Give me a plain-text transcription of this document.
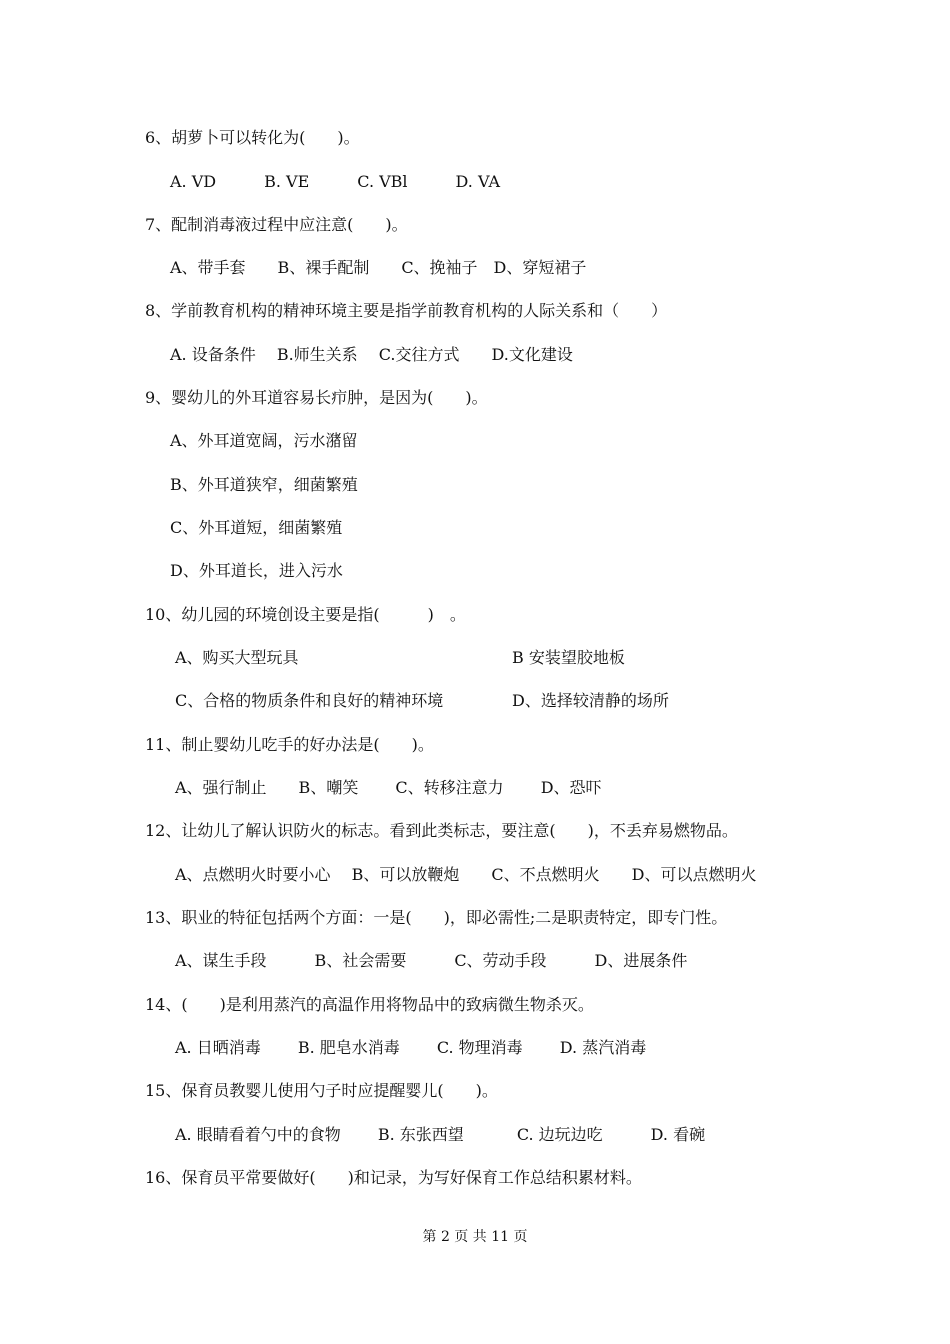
6、胡萝卜可以转化为(　　)。

A. VD　　　B. VE　　　C. VBl　　　D. VA

7、配制消毒液过程中应注意(　　)。

A、带手套　　B、裸手配制　　C、挽袖子　D、穿短裙子

8、学前教育机构的精神环境主要是指学前教育机构的人际关系和（　　）

A. 设备条件　 B.师生关系　 C.交往方式　　D.文化建设

9、婴幼儿的外耳道容易长疖肿，是因为(　　)。

A、外耳道宽阔，污水潴留

B、外耳道狭窄，细菌繁殖

C、外耳道短，细菌繁殖

D、外耳道长，进入污水

10、幼儿园的环境创设主要是指(　　　)　。

A、购买大型玩具	B 安装望胶地板

C、合格的物质条件和良好的精神环境	D、选择较清静的场所

11、制止婴幼儿吃手的好办法是(　　)。

A、强行制止　　B、嘲笑　　 C、转移注意力　　 D、恐吓

12、让幼儿了解认识防火的标志。看到此类标志，要注意(　　)，不丢弃易燃物品。

A、点燃明火时要小心　 B、可以放鞭炮　　C、不点燃明火　　D、可以点燃明火

13、职业的特征包括两个方面：一是(　　)，即必需性;二是职责特定，即专门性。

A、谋生手段　　　B、社会需要　　　C、劳动手段　　　D、进展条件

14、(　　)是利用蒸汽的高温作用将物品中的致病微生物杀灭。

A. 日晒消毒　　 B. 肥皂水消毒　　 C. 物理消毒　　 D. 蒸汽消毒

15、保育员教婴儿使用勺子时应提醒婴儿(　　)。

A. 眼睛看着勺中的食物　　 B. 东张西望　　　 C. 边玩边吃　　　D. 看碗

16、保育员平常要做好(　　)和记录，为写好保育工作总结积累材料。

第 2 页 共 11 页
